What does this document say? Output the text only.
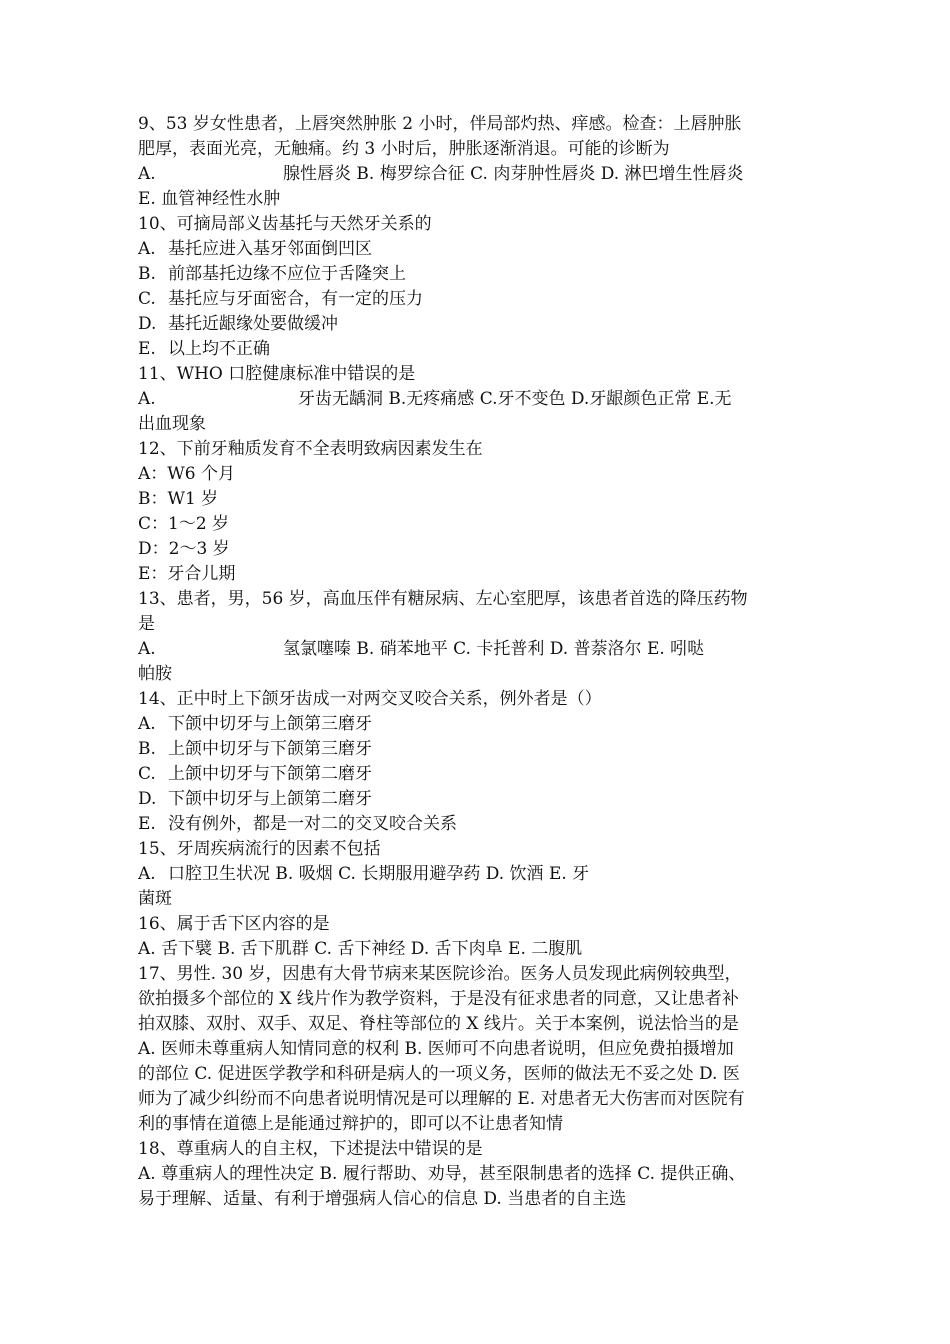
9、53 岁女性患者，上唇突然肿胀 2 小时，伴局部灼热、痒感。检查：上唇肿胀
肥厚，表面光亮，无触痛。约 3 小时后，肿胀逐渐消退。可能的诊断为
A.	腺性唇炎 B. 梅罗综合征 C. 肉芽肿性唇炎 D. 淋巴增生性唇炎
E. 血管神经性水肿
10、可摘局部义齿基托与天然牙关系的
A. 基托应进入基牙邻面倒凹区
B. 前部基托边缘不应位于舌隆突上
C. 基托应与牙面密合，有一定的压力
D. 基托近龈缘处要做缓冲
E. 以上均不正确
11、WHO 口腔健康标准中错误的是
A.	牙齿无龋洞 B.无疼痛感 C.牙不变色 D.牙龈颜色正常 E.无
出血现象
12、下前牙釉质发育不全表明致病因素发生在
A：W6 个月
B：W1 岁
C：1〜2 岁
D：2〜3 岁
E：牙合儿期
13、患者，男，56 岁，高血压伴有糖尿病、左心室肥厚，该患者首选的降压药物
是
A.	氢氯噻嗪 B. 硝苯地平 C. 卡托普利 D. 普萘洛尔 E. 吲哒
帕胺
14、正中时上下颌牙齿成一对两交叉咬合关系，例外者是（）
A. 下颌中切牙与上颌第三磨牙
B. 上颌中切牙与下颌第三磨牙
C. 上颌中切牙与下颌第二磨牙
D. 下颌中切牙与上颌第二磨牙
E. 没有例外，都是一对二的交叉咬合关系
15、牙周疾病流行的因素不包括
A. 口腔卫生状况 B. 吸烟 C. 长期服用避孕药 D. 饮酒 E. 牙
菌斑
16、属于舌下区内容的是
A. 舌下襞 B. 舌下肌群 C. 舌下神经 D. 舌下肉阜 E. 二腹肌
17、男性. 30 岁，因患有大骨节病来某医院诊治。医务人员发现此病例较典型，
欲拍摄多个部位的 X 线片作为教学资料，于是没有征求患者的同意，又让患者补
拍双膝、双肘、双手、双足、脊柱等部位的 X 线片。关于本案例，说法恰当的是
A. 医师未尊重病人知情同意的权利 B. 医师可不向患者说明，但应免费拍摄增加
的部位 C. 促进医学教学和科研是病人的一项义务，医师的做法无不妥之处 D. 医
师为了减少纠纷而不向患者说明情况是可以理解的 E. 对患者无大伤害而对医院有
利的事情在道德上是能通过辩护的，即可以不让患者知情
18、尊重病人的自主权，下述提法中错误的是
A. 尊重病人的理性决定 B. 履行帮助、劝导，甚至限制患者的选择 C. 提供正确、
易于理解、适量、有利于增强病人信心的信息 D. 当患者的自主选
